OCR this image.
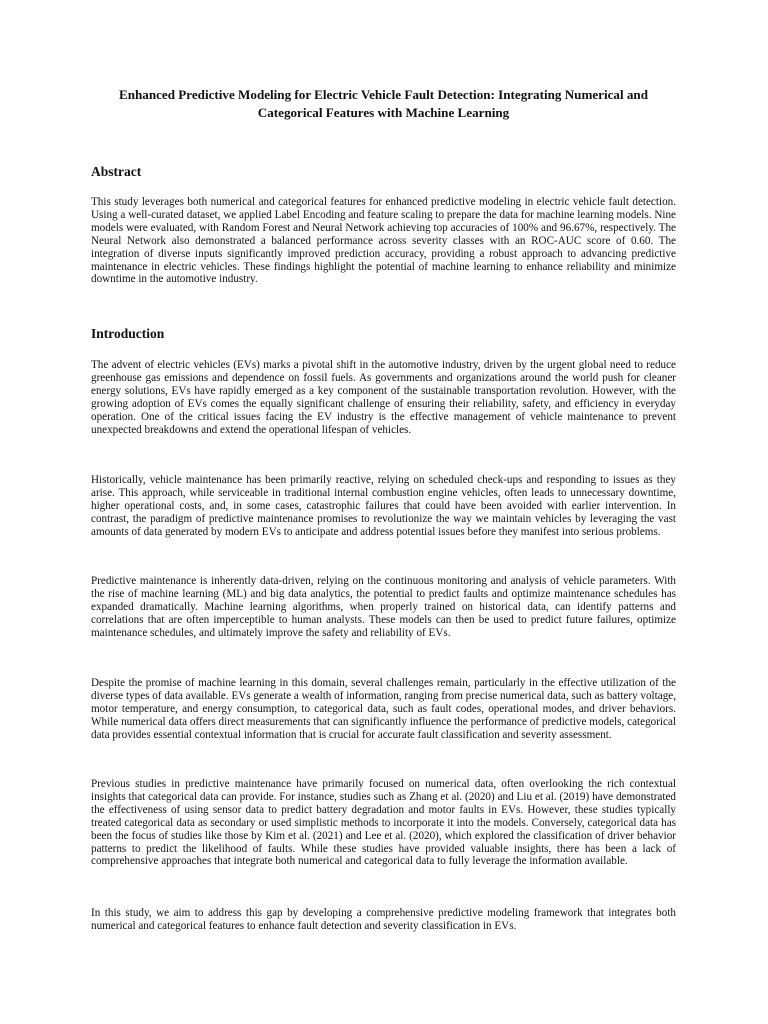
Enhanced Predictive Modeling for Electric Vehicle Fault Detection: Integrating Numerical and Categorical Features with Machine Learning
Abstract

This study leverages both numerical and categorical features for enhanced predictive modeling in electric vehicle fault detection. Using a well-curated dataset, we applied Label Encoding and feature scaling to prepare the data for machine learning models. Nine models were evaluated, with Random Forest and Neural Network achieving top accuracies of 100% and 96.67%, respectively. The Neural Network also demonstrated a balanced performance across severity classes with an ROC-AUC score of 0.60. The integration of diverse inputs significantly improved prediction accuracy, providing a robust approach to advancing predictive maintenance in electric vehicles. These findings highlight the potential of machine learning to enhance reliability and minimize downtime in the automotive industry.

Introduction

The advent of electric vehicles (EVs) marks a pivotal shift in the automotive industry, driven by the urgent global need to reduce greenhouse gas emissions and dependence on fossil fuels. As governments and organizations around the world push for cleaner energy solutions, EVs have rapidly emerged as a key component of the sustainable transportation revolution. However, with the growing adoption of EVs comes the equally significant challenge of ensuring their reliability, safety, and efficiency in everyday operation. One of the critical issues facing the EV industry is the effective management of vehicle maintenance to prevent unexpected breakdowns and extend the operational lifespan of vehicles.

Historically, vehicle maintenance has been primarily reactive, relying on scheduled check-ups and responding to issues as they arise. This approach, while serviceable in traditional internal combustion engine vehicles, often leads to unnecessary downtime, higher operational costs, and, in some cases, catastrophic failures that could have been avoided with earlier intervention. In contrast, the paradigm of predictive maintenance promises to revolutionize the way we maintain vehicles by leveraging the vast amounts of data generated by modern EVs to anticipate and address potential issues before they manifest into serious problems.

Predictive maintenance is inherently data-driven, relying on the continuous monitoring and analysis of vehicle parameters. With the rise of machine learning (ML) and big data analytics, the potential to predict faults and optimize maintenance schedules has expanded dramatically. Machine learning algorithms, when properly trained on historical data, can identify patterns and correlations that are often imperceptible to human analysts. These models can then be used to predict future failures, optimize maintenance schedules, and ultimately improve the safety and reliability of EVs.

Despite the promise of machine learning in this domain, several challenges remain, particularly in the effective utilization of the diverse types of data available. EVs generate a wealth of information, ranging from precise numerical data, such as battery voltage, motor temperature, and energy consumption, to categorical data, such as fault codes, operational modes, and driver behaviors. While numerical data offers direct measurements that can significantly influence the performance of predictive models, categorical data provides essential contextual information that is crucial for accurate fault classification and severity assessment.

Previous studies in predictive maintenance have primarily focused on numerical data, often overlooking the rich contextual insights that categorical data can provide. For instance, studies such as Zhang et al. (2020) and Liu et al. (2019) have demonstrated the effectiveness of using sensor data to predict battery degradation and motor faults in EVs. However, these studies typically treated categorical data as secondary or used simplistic methods to incorporate it into the models. Conversely, categorical data has been the focus of studies like those by Kim et al. (2021) and Lee et al. (2020), which explored the classification of driver behavior patterns to predict the likelihood of faults. While these studies have provided valuable insights, there has been a lack of comprehensive approaches that integrate both numerical and categorical data to fully leverage the information available.

In this study, we aim to address this gap by developing a comprehensive predictive modeling framework that integrates both numerical and categorical features to enhance fault detection and severity classification in EVs.
